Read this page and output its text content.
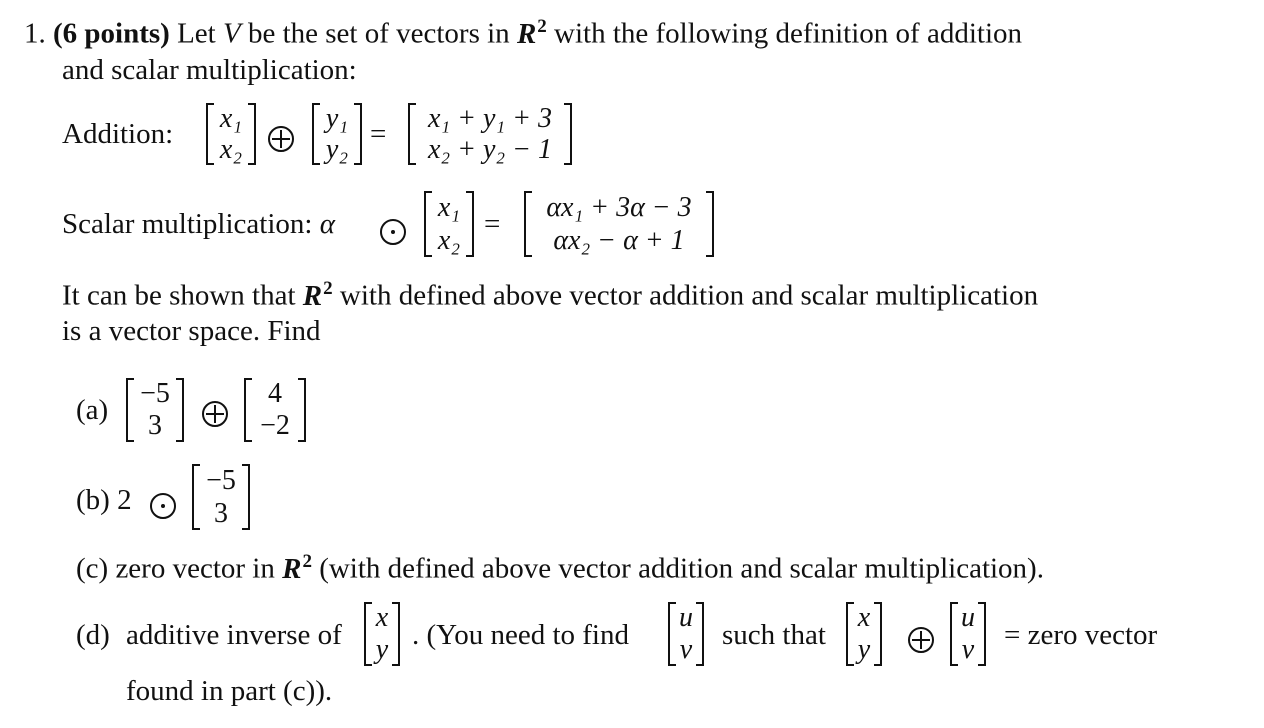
1. (6 points) Let V be the set of vectors in $R^2$ with the following definition of addition
and scalar multiplication:
Addition: x₁
x₂
y₁
y₂ = x₁ + y₁ + 3
x₂ + y₂ − 1
Scalar multiplication: α
x₁
x₂ =
αx₁ + 3α − 3
αx₂ − α + 1
It can be shown that $R^2$ with defined above vector addition and scalar multiplication
is a vector space. Find
(a)
−5
3
4
−2
(b) 2
−5
3
(c) zero vector in $R^2$ (with defined above vector addition and scalar multiplication).
(d) additive inverse of
x
y . (You need to find
u
v such that
x
y
u
v = zero vector
found in part (c)).
